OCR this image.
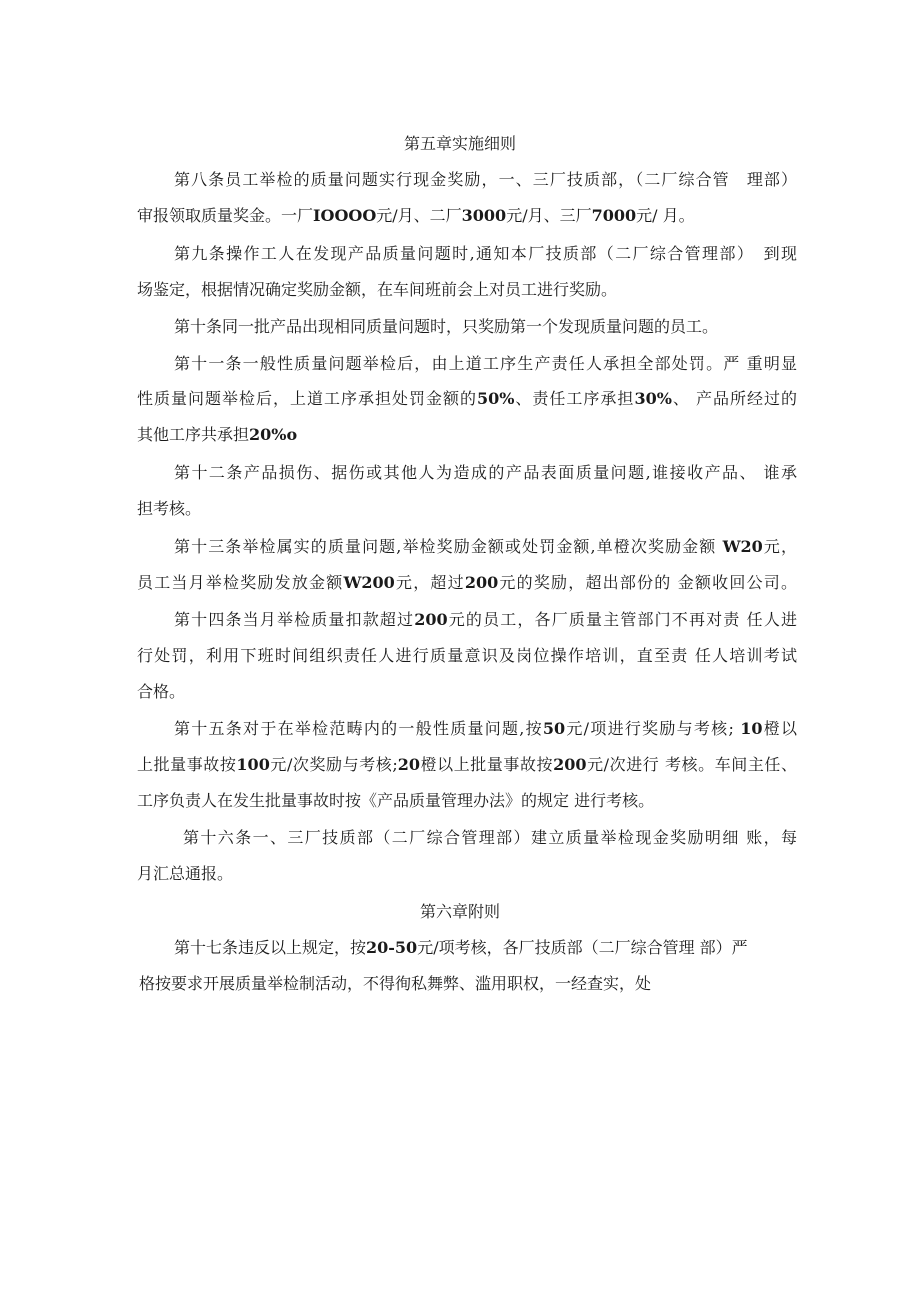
第五章实施细则
第八条员工举检的质量问题实行现金奖励，一、三厂技质部，（二厂综合管　理部）
审报领取质量奖金。一厂IOOOO元/月、二厂3000元/月、三厂7000元/ 月。
第九条操作工人在发现产品质量问题时,通知本厂技质部（二厂综合管理部）　到现
场鉴定，根据情况确定奖励金额，在车间班前会上对员工进行奖励。
第十条同一批产品出现相同质量问题时，只奖励第一个发现质量问题的员工。
第十一条一般性质量问题举检后，由上道工序生产责任人承担全部处罚。严 重明显
性质量问题举检后，上道工序承担处罚金额的50%、责任工序承担30%、 产品所经过的
其他工序共承担20%o
第十二条产品损伤、据伤或其他人为造成的产品表面质量问题,谁接收产品、 谁承
担考核。
第十三条举检属实的质量问题,举检奖励金额或处罚金额,单橙次奖励金额 W20元，
员工当月举检奖励发放金额W200元，超过200元的奖励，超出部份的 金额收回公司。
第十四条当月举检质量扣款超过200元的员工，各厂质量主管部门不再对责 任人进
行处罚，利用下班时间组织责任人进行质量意识及岗位操作培训，直至责 任人培训考试
合格。
第十五条对于在举检范畴内的一般性质量问题,按50元/项进行奖励与考核; 10橙以
上批量事故按100元/次奖励与考核;20橙以上批量事故按200元/次进行 考核。车间主任、
工序负责人在发生批量事故时按《产品质量管理办法》的规定 进行考核。
第十六条一、三厂技质部（二厂综合管理部）建立质量举检现金奖励明细 账，每
月汇总通报。
第六章附则
第十七条违反以上规定，按20-50元/项考核，各厂技质部（二厂综合管理 部）严
格按要求开展质量举检制活动，不得徇私舞弊、滥用职权，一经查实，处
